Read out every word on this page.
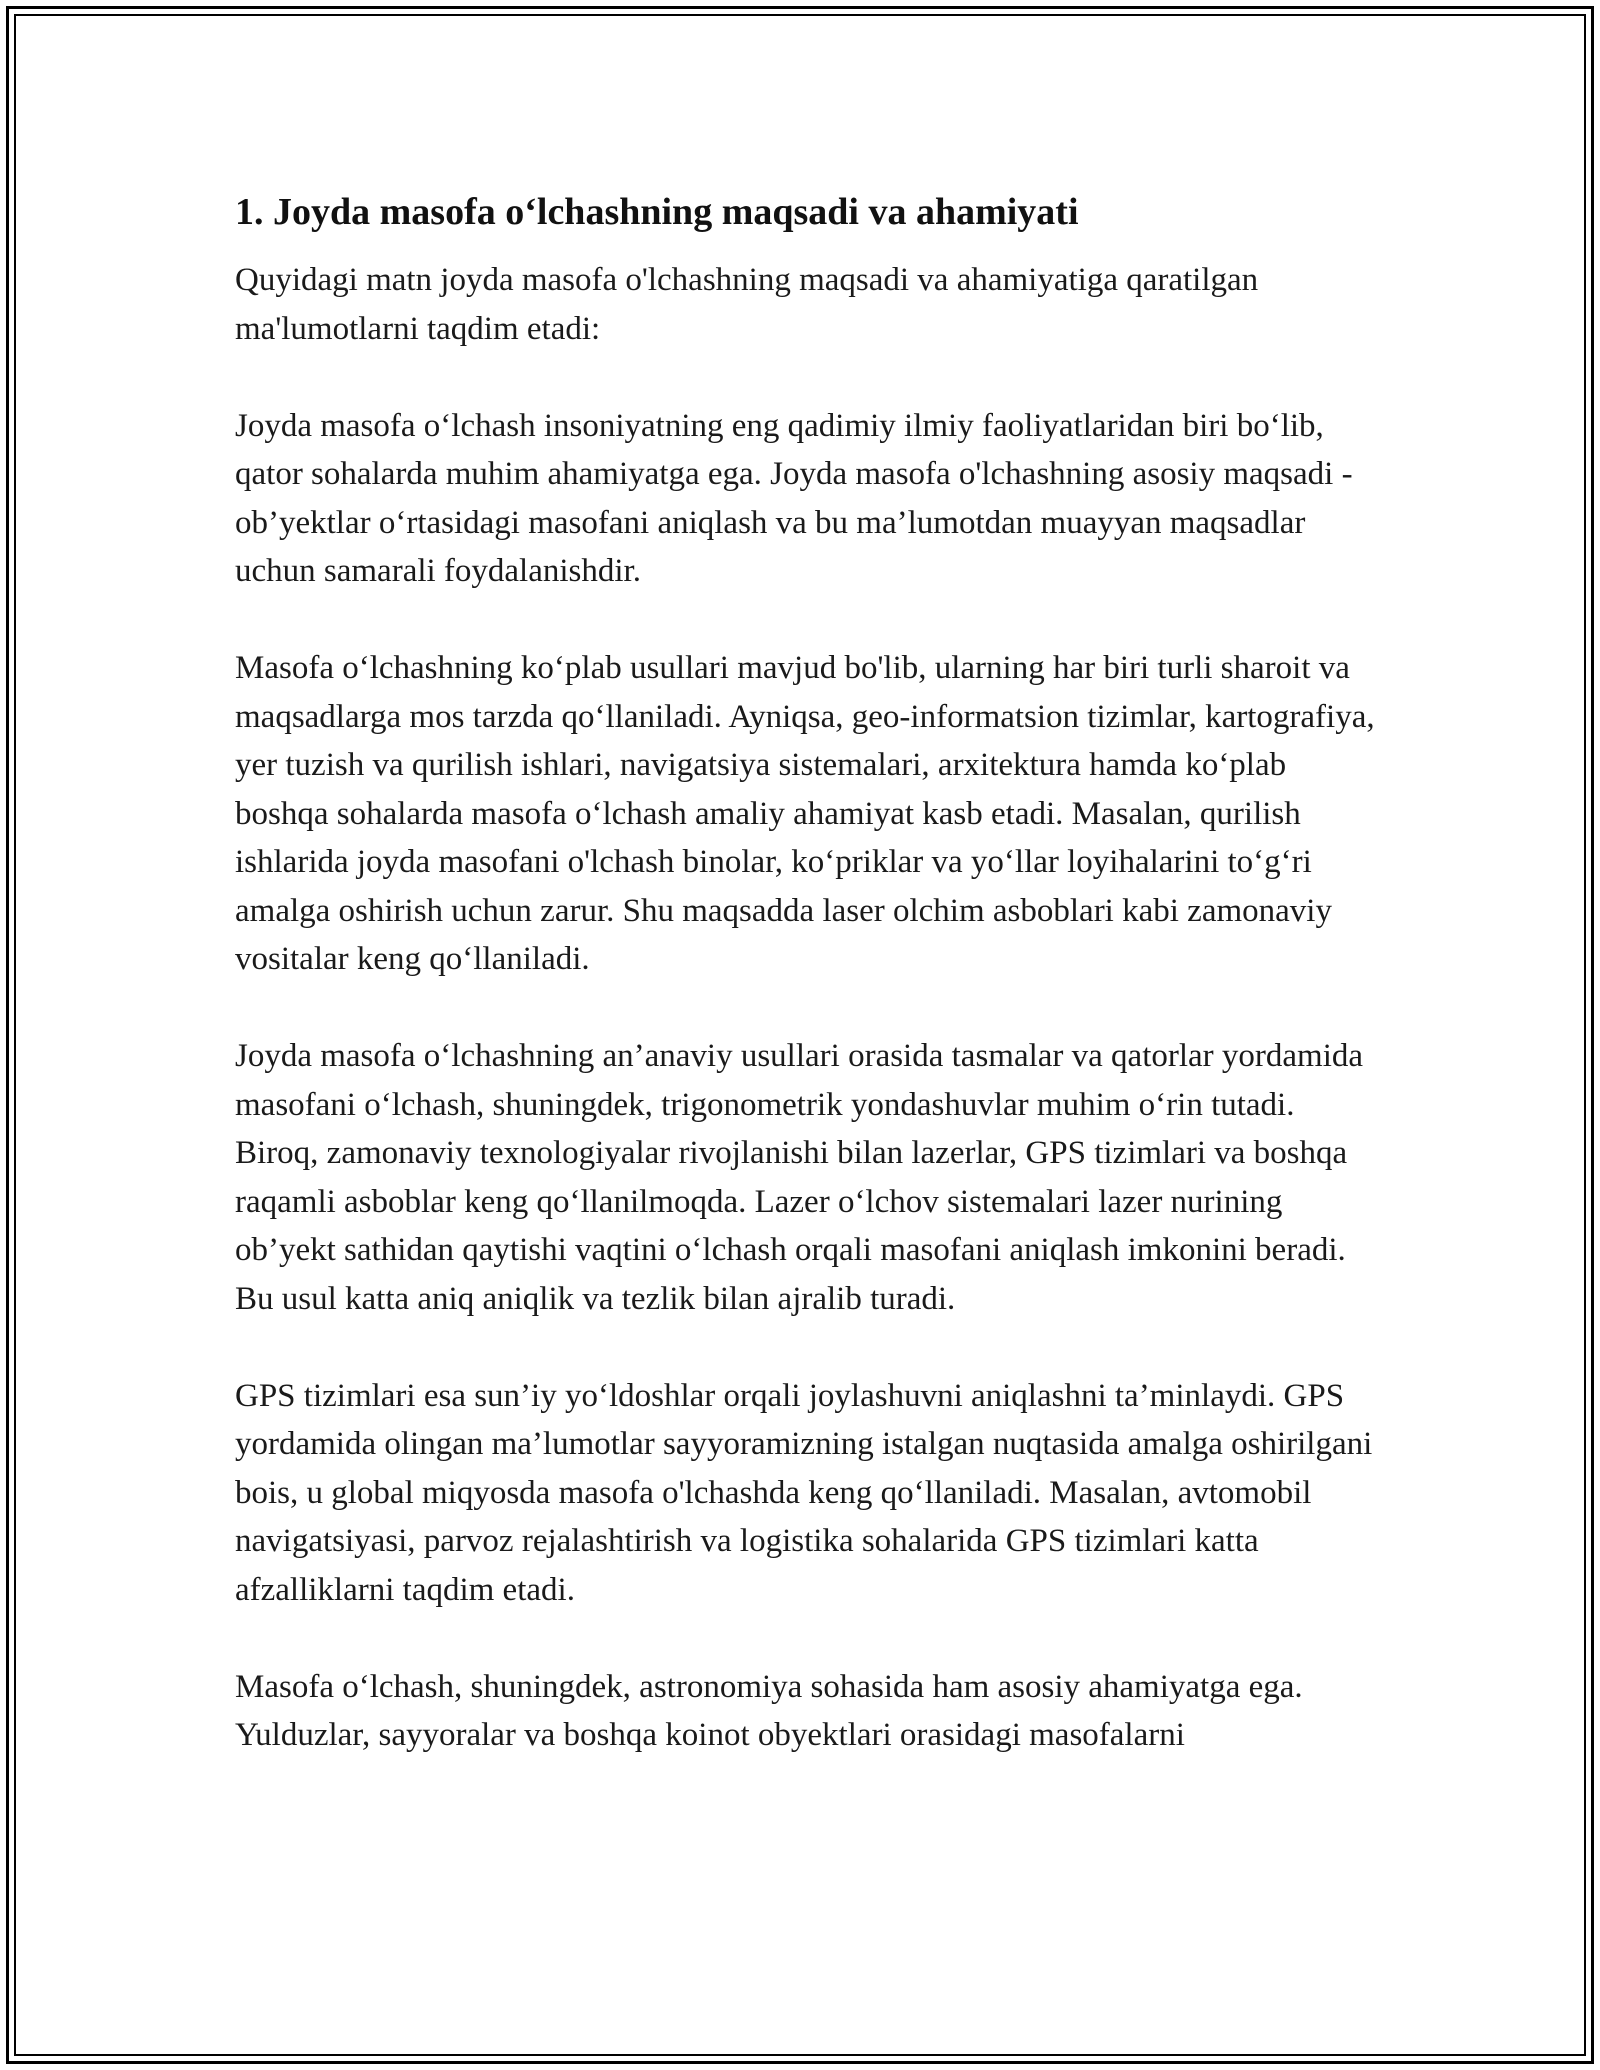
1. Joyda masofa o‘lchashning maqsadi va ahamiyati

Quyidagi matn joyda masofa o'lchashning maqsadi va ahamiyatiga qaratilgan ma'lumotlarni taqdim etadi:

Joyda masofa o‘lchash insoniyatning eng qadimiy ilmiy faoliyatlaridan biri bo‘lib, qator sohalarda muhim ahamiyatga ega. Joyda masofa o'lchashning asosiy maqsadi - ob’yektlar o‘rtasidagi masofani aniqlash va bu ma’lumotdan muayyan maqsadlar uchun samarali foydalanishdir.

Masofa o‘lchashning ko‘plab usullari mavjud bo'lib, ularning har biri turli sharoit va maqsadlarga mos tarzda qo‘llaniladi. Ayniqsa, geo-informatsion tizimlar, kartografiya, yer tuzish va qurilish ishlari, navigatsiya sistemalari, arxitektura hamda ko‘plab boshqa sohalarda masofa o‘lchash amaliy ahamiyat kasb etadi. Masalan, qurilish ishlarida joyda masofani o'lchash binolar, ko‘priklar va yo‘llar loyihalarini to‘g‘ri amalga oshirish uchun zarur. Shu maqsadda laser olchim asboblari kabi zamonaviy vositalar keng qo‘llaniladi.

Joyda masofa o‘lchashning an’anaviy usullari orasida tasmalar va qatorlar yordamida masofani o‘lchash, shuningdek, trigonometrik yondashuvlar muhim o‘rin tutadi. Biroq, zamonaviy texnologiyalar rivojlanishi bilan lazerlar, GPS tizimlari va boshqa raqamli asboblar keng qo‘llanilmoqda. Lazer o‘lchov sistemalari lazer nurining ob’yekt sathidan qaytishi vaqtini o‘lchash orqali masofani aniqlash imkonini beradi. Bu usul katta aniq aniqlik va tezlik bilan ajralib turadi.

GPS tizimlari esa sun’iy yo‘ldoshlar orqali joylashuvni aniqlashni ta’minlaydi. GPS yordamida olingan ma’lumotlar sayyoramizning istalgan nuqtasida amalga oshirilgani bois, u global miqyosda masofa o'lchashda keng qo‘llaniladi. Masalan, avtomobil navigatsiyasi, parvoz rejalashtirish va logistika sohalarida GPS tizimlari katta afzalliklarni taqdim etadi.

Masofa o‘lchash, shuningdek, astronomiya sohasida ham asosiy ahamiyatga ega. Yulduzlar, sayyoralar va boshqa koinot obyektlari orasidagi masofalarni
